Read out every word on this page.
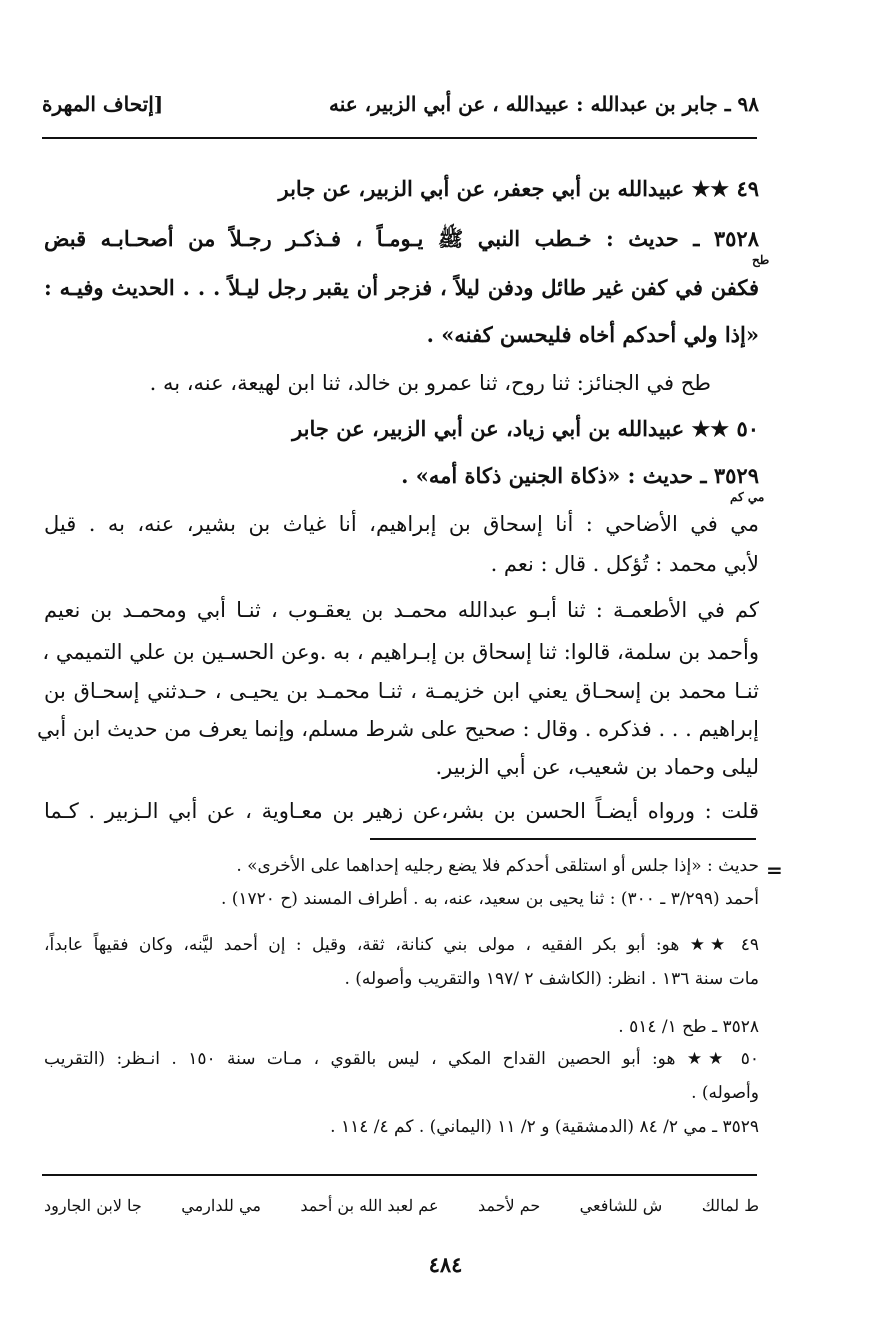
٩٨ ـ جابر بن عبدالله : عبيدالله ، عن أبي الزبير، عنه
[إتحاف المهرة
٤٩ ★★ عبيدالله بن أبي جعفر، عن أبي الزبير، عن جابر
٣٥٢٨ ـ حديث : خـطب النبي ﷺ يـومـاً ، فـذكـر رجـلاً من أصحـابـه قبض
طح
فكفن في كفن غير طائل ودفن ليلاً ، فزجر أن يقبر رجل ليـلاً . . . الحديث وفيـه :
«إذا ولي أحدكم أخاه فليحسن كفنه» .
طح في الجنائز: ثنا روح، ثنا عمرو بن خالد، ثنا ابن لهيعة، عنه، به .
٥٠ ★★ عبيدالله بن أبي زياد، عن أبي الزبير، عن جابر
٣٥٢٩ ـ حديث : «ذكاة الجنين ذكاة أمه» .
مي كم
مي في الأضاحي : أنا إسحاق بن إبراهيم، أنا غياث بن بشير، عنه، به . قيل
لأبي محمد : تُؤكل . قال : نعم .
كم في الأطعمـة : ثنا أبـو عبدالله محمـد بن يعقـوب ، ثنـا أبي ومحمـد بن نعيم
وأحمد بن سلمة، قالوا: ثنا إسحاق بن إبـراهيم ، به .وعن الحسـين بن علي التميمي ،
ثنـا محمد بن إسحـاق يعني ابن خزيمـة ، ثنـا محمـد بن يحيـى ، حـدثني إسحـاق بن
إبراهيم . . . فذكره . وقال : صحيح على شرط مسلم، وإنما يعرف من حديث ابن أبي
ليلى وحماد بن شعيب، عن أبي الزبير.
قلت : ورواه أيضـاً الحسن بن بشر،عن زهير بن معـاوية ، عن أبي الـزبير . كـما
=
حديث : «إذا جلس أو استلقى أحدكم فلا يضع رجليه إحداهما على الأخرى» .
أحمد (٣/٢٩٩ ـ ٣٠٠) : ثنا يحيى بن سعيد، عنه، به . أطراف المسند (ح ١٧٢٠) .
٤٩ ★★ هو: أبو بكر الفقيه ، مولى بني كنانة، ثقة، وقيل : إن أحمد ليَّنه، وكان فقيهاً عابداً،
مات سنة ١٣٦ . انظر: (الكاشف ٢ /١٩٧ والتقريب وأصوله) .
٣٥٢٨ ـ طح ١/ ٥١٤ .
٥٠ ★★ هو: أبو الحصين القداح المكي ، ليس بالقوي ، مـات سنة ١٥٠ . انـظر: (التقريب
وأصوله) .
٣٥٢٩ ـ مي ٢/ ٨٤ (الدمشقية) و ٢/ ١١ (اليماني) . كم ٤/ ١١٤ .
ط لمالك
ش للشافعي
حم لأحمد
عم لعبد الله بن أحمد
مي للدارمي
جا لابن الجارود
٤٨٤
